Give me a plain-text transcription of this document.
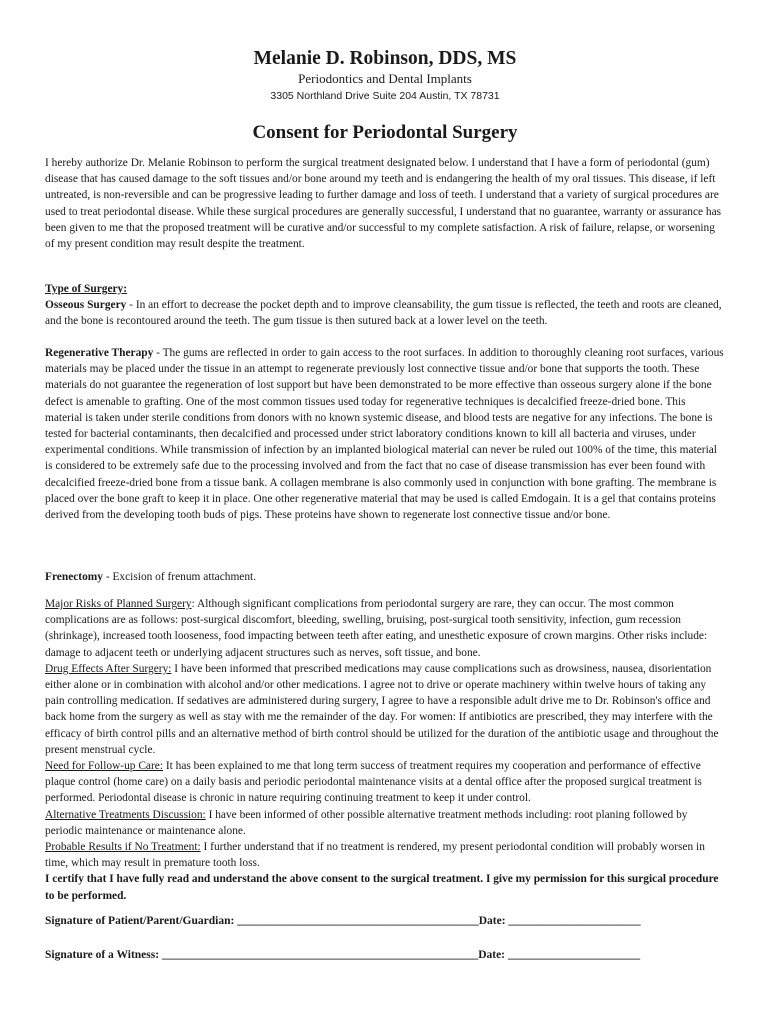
Melanie D. Robinson, DDS, MS
Periodontics and Dental Implants
3305 Northland Drive Suite 204 Austin, TX 78731
Consent for Periodontal Surgery

I hereby authorize Dr. Melanie Robinson to perform the surgical treatment designated below. I understand that I have a form of periodontal (gum) disease that has caused damage to the soft tissues and/or bone around my teeth and is endangering the health of my oral tissues. This disease, if left untreated, is non-reversible and can be progressive leading to further damage and loss of teeth. I understand that a variety of surgical procedures are used to treat periodontal disease. While these surgical procedures are generally successful, I understand that no guarantee, warranty or assurance has been given to me that the proposed treatment will be curative and/or successful to my complete satisfaction. A risk of failure, relapse, or worsening of my present condition may result despite the treatment.

Type of Surgery:

Osseous Surgery - In an effort to decrease the pocket depth and to improve cleansability, the gum tissue is reflected, the teeth and roots are cleaned, and the bone is recontoured around the teeth. The gum tissue is then sutured back at a lower level on the teeth.

Regenerative Therapy - The gums are reflected in order to gain access to the root surfaces. In addition to thoroughly cleaning root surfaces, various materials may be placed under the tissue in an attempt to regenerate previously lost connective tissue and/or bone that supports the tooth. These materials do not guarantee the regeneration of lost support but have been demonstrated to be more effective than osseous surgery alone if the bone defect is amenable to grafting. One of the most common tissues used today for regenerative techniques is decalcified freeze-dried bone. This material is taken under sterile conditions from donors with no known systemic disease, and blood tests are negative for any infections. The bone is tested for bacterial contaminants, then decalcified and processed under strict laboratory conditions known to kill all bacteria and viruses, under experimental conditions. While transmission of infection by an implanted biological material can never be ruled out 100% of the time, this material is considered to be extremely safe due to the processing involved and from the fact that no case of disease transmission has ever been found with decalcified freeze-dried bone from a tissue bank. A collagen membrane is also commonly used in conjunction with bone grafting. The membrane is placed over the bone graft to keep it in place. One other regenerative material that may be used is called Emdogain. It is a gel that contains proteins derived from the developing tooth buds of pigs. These proteins have shown to regenerate lost connective tissue and/or bone.

Frenectomy - Excision of frenum attachment.

Major Risks of Planned Surgery: Although significant complications from periodontal surgery are rare, they can occur. The most common complications are as follows: post-surgical discomfort, bleeding, swelling, bruising, post-surgical tooth sensitivity, infection, gum recession (shrinkage), increased tooth looseness, food impacting between teeth after eating, and unesthetic exposure of crown margins. Other risks include: damage to adjacent teeth or underlying adjacent structures such as nerves, soft tissue, and bone.

Drug Effects After Surgery: I have been informed that prescribed medications may cause complications such as drowsiness, nausea, disorientation either alone or in combination with alcohol and/or other medications. I agree not to drive or operate machinery within twelve hours of taking any pain controlling medication. If sedatives are administered during surgery, I agree to have a responsible adult drive me to Dr. Robinson's office and back home from the surgery as well as stay with me the remainder of the day. For women: If antibiotics are prescribed, they may interfere with the efficacy of birth control pills and an alternative method of birth control should be utilized for the duration of the antibiotic usage and throughout the present menstrual cycle.

Need for Follow-up Care: It has been explained to me that long term success of treatment requires my cooperation and performance of effective plaque control (home care) on a daily basis and periodic periodontal maintenance visits at a dental office after the proposed surgical treatment is performed. Periodontal disease is chronic in nature requiring continuing treatment to keep it under control.

Alternative Treatments Discussion: I have been informed of other possible alternative treatment methods including: root planing followed by periodic maintenance or maintenance alone.

Probable Results if No Treatment: I further understand that if no treatment is rendered, my present periodontal condition will probably worsen in time, which may result in premature tooth loss.

I certify that I have fully read and understand the above consent to the surgical treatment. I give my permission for this surgical procedure to be performed.

Signature of Patient/Parent/Guardian: __________________________________________Date: _______________________
Signature of a Witness: _______________________________________________________Date: _______________________
